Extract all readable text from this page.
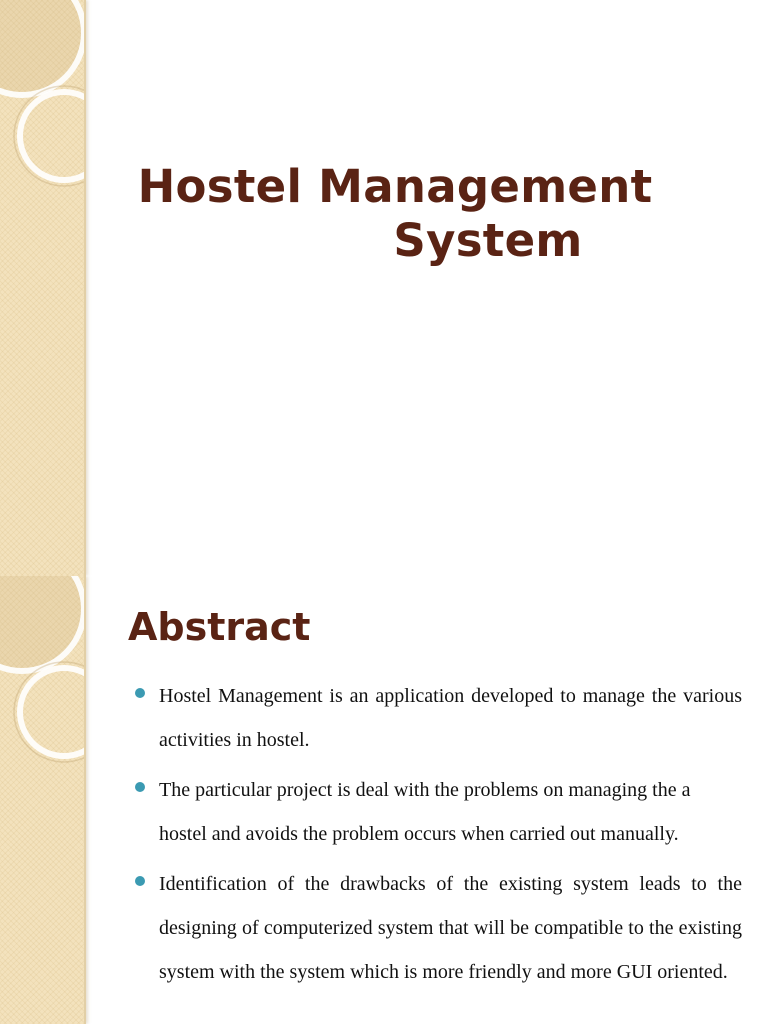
Hostel Management
System
Abstract
Hostel Management is an application developed to manage the various activities in hostel.
The particular project is deal with the problems on managing the a hostel and avoids the problem occurs when carried out manually.
Identification of the drawbacks of the existing system leads to the designing of computerized system that will be compatible to the existing system with the system which is more friendly and more GUI oriented.
